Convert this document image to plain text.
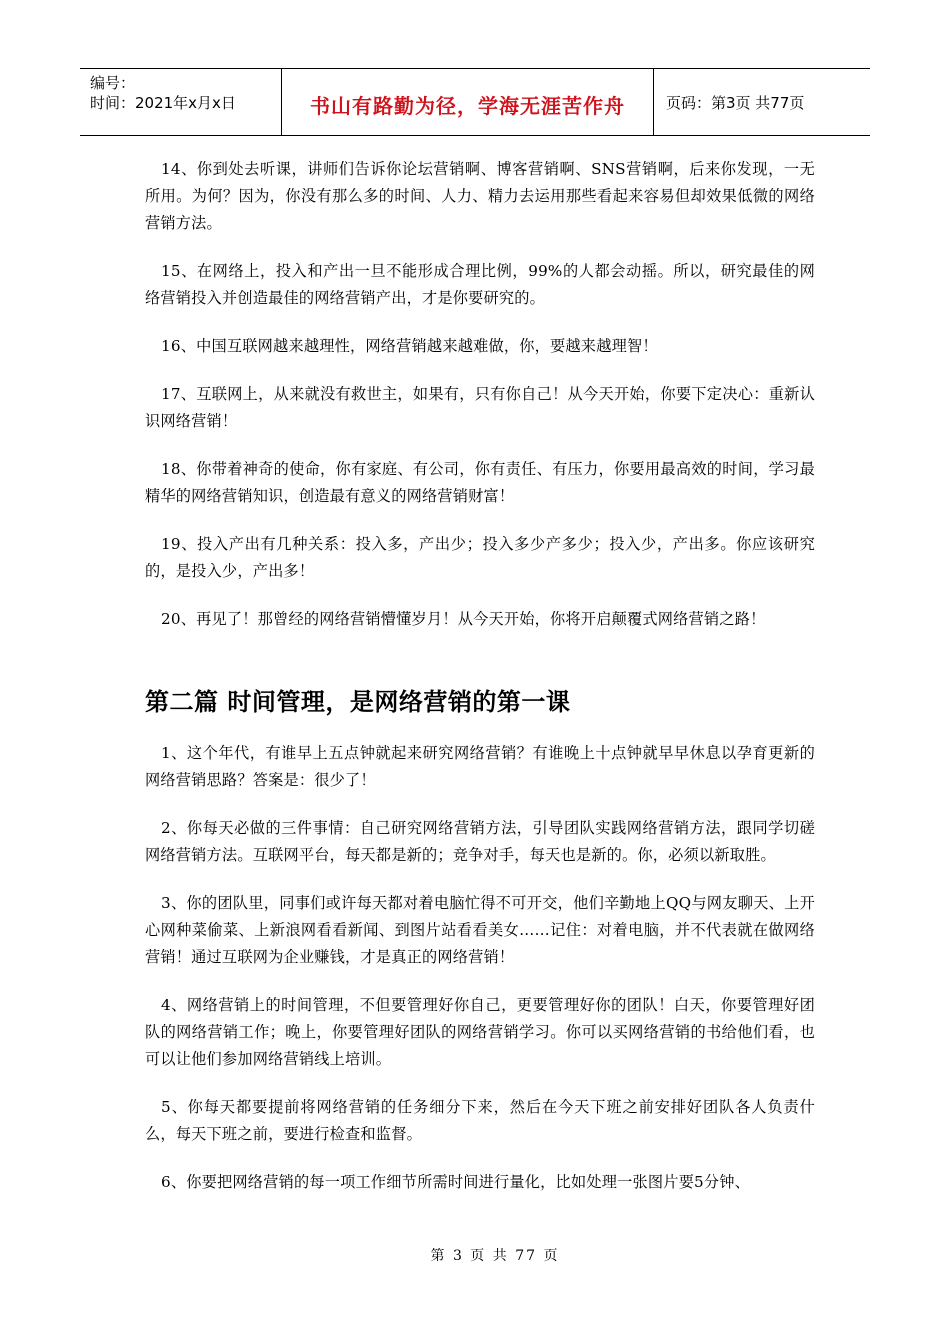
编号：
时间：2021年x月x日	书山有路勤为径，学海无涯苦作舟	页码：第3页 共77页

14、你到处去听课，讲师们告诉你论坛营销啊、博客营销啊、SNS营销啊，后来你发现，一无所用。为何？因为，你没有那么多的时间、人力、精力去运用那些看起来容易但却效果低微的网络营销方法。

15、在网络上，投入和产出一旦不能形成合理比例，99%的人都会动摇。所以，研究最佳的网络营销投入并创造最佳的网络营销产出，才是你要研究的。

16、中国互联网越来越理性，网络营销越来越难做，你，要越来越理智！

17、互联网上，从来就没有救世主，如果有，只有你自己！从今天开始，你要下定决心：重新认识网络营销！

18、你带着神奇的使命，你有家庭、有公司，你有责任、有压力，你要用最高效的时间，学习最精华的网络营销知识，创造最有意义的网络营销财富！

19、投入产出有几种关系：投入多，产出少；投入多少产多少；投入少，产出多。你应该研究的，是投入少，产出多！

20、再见了！那曾经的网络营销懵懂岁月！从今天开始，你将开启颠覆式网络营销之路！

第二篇 时间管理，是网络营销的第一课

1、这个年代，有谁早上五点钟就起来研究网络营销？有谁晚上十点钟就早早休息以孕育更新的网络营销思路？答案是：很少了！

2、你每天必做的三件事情：自己研究网络营销方法，引导团队实践网络营销方法，跟同学切磋网络营销方法。互联网平台，每天都是新的；竞争对手，每天也是新的。你，必须以新取胜。

3、你的团队里，同事们或许每天都对着电脑忙得不可开交，他们辛勤地上QQ与网友聊天、上开心网种菜偷菜、上新浪网看看新闻、到图片站看看美女……记住：对着电脑，并不代表就在做网络营销！通过互联网为企业赚钱，才是真正的网络营销！

4、网络营销上的时间管理，不但要管理好你自己，更要管理好你的团队！白天，你要管理好团队的网络营销工作；晚上，你要管理好团队的网络营销学习。你可以买网络营销的书给他们看，也可以让他们参加网络营销线上培训。

5、你每天都要提前将网络营销的任务细分下来，然后在今天下班之前安排好团队各人负责什么，每天下班之前，要进行检查和监督。

6、你要把网络营销的每一项工作细节所需时间进行量化，比如处理一张图片要5分钟、

第 3 页 共 77 页
